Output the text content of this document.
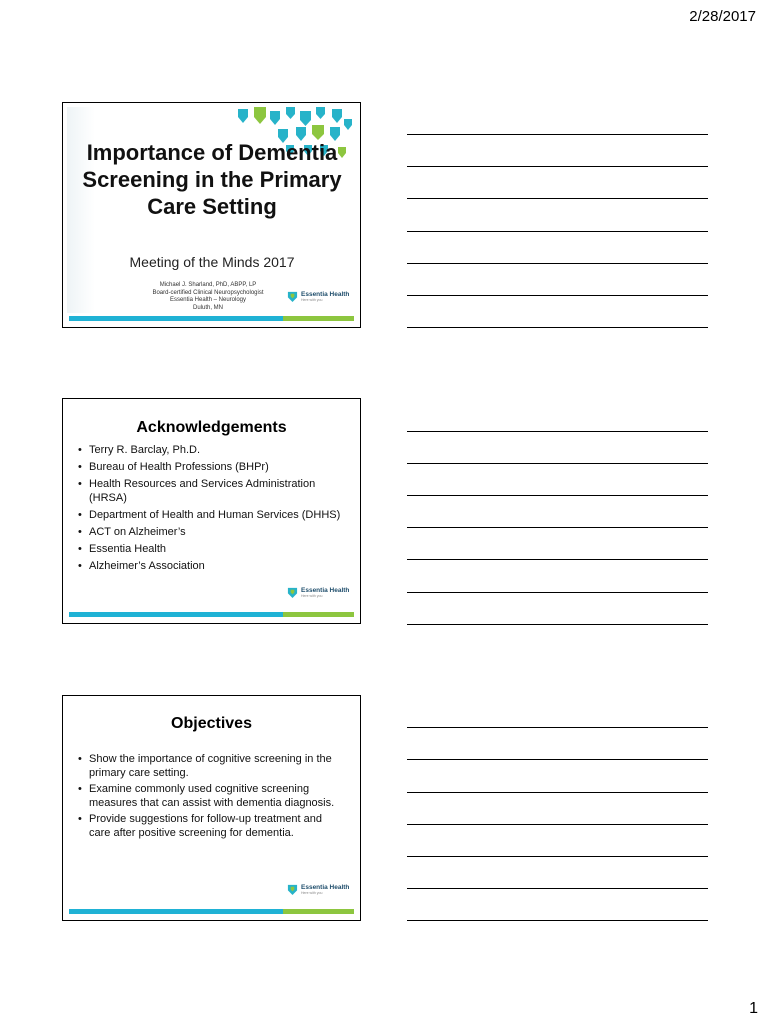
2/28/2017
Importance of Dementia Screening in the Primary Care Setting
Meeting of the Minds 2017
Michael J. Sharland, PhD, ABPP, LP
Board-certified Clinical Neuropsychologist
Essentia Health – Neurology
Duluth, MN
Essentia Health
Here with you
Acknowledgements
• Terry R. Barclay, Ph.D.
• Bureau of Health Professions (BHPr)
• Health Resources and Services Administration (HRSA)
• Department of Health and Human Services (DHHS)
• ACT on Alzheimer’s
• Essentia Health
• Alzheimer’s Association
Essentia Health
Here with you
Objectives
• Show the importance of cognitive screening in the primary care setting.
• Examine commonly used cognitive screening measures that can assist with dementia diagnosis.
• Provide suggestions for follow-up treatment and care after positive screening for dementia.
Essentia Health
Here with you
1
